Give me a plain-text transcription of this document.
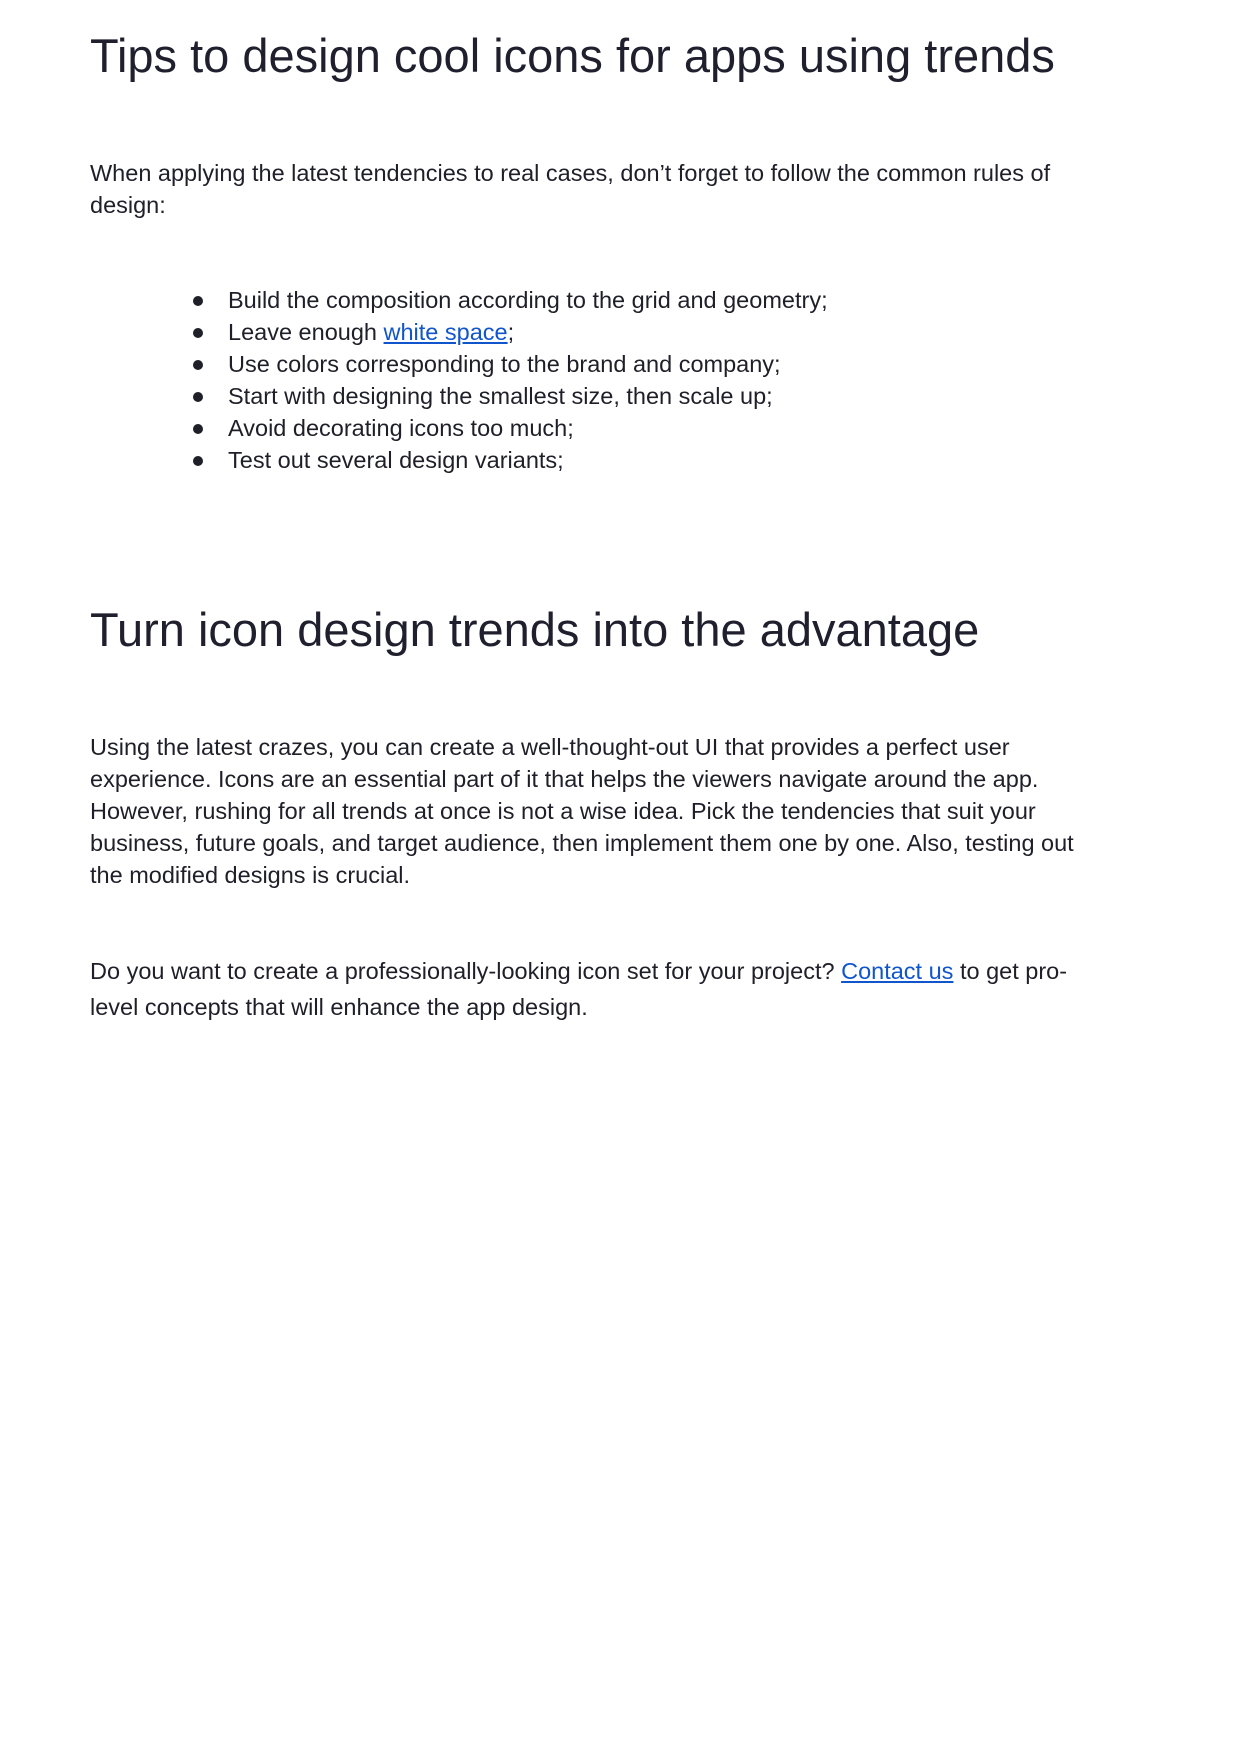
Tips to design cool icons for apps using trends

When applying the latest tendencies to real cases, don’t forget to follow the common rules of design:

Build the composition according to the grid and geometry;
Leave enough white space;
Use colors corresponding to the brand and company;
Start with designing the smallest size, then scale up;
Avoid decorating icons too much;
Test out several design variants;
Turn icon design trends into the advantage

Using the latest crazes, you can create a well-thought-out UI that provides a perfect user experience. Icons are an essential part of it that helps the viewers navigate around the app. However, rushing for all trends at once is not a wise idea. Pick the tendencies that suit your business, future goals, and target audience, then implement them one by one. Also, testing out the modified designs is crucial.

Do you want to create a professionally-looking icon set for your project? Contact us to get pro-level concepts that will enhance the app design.
